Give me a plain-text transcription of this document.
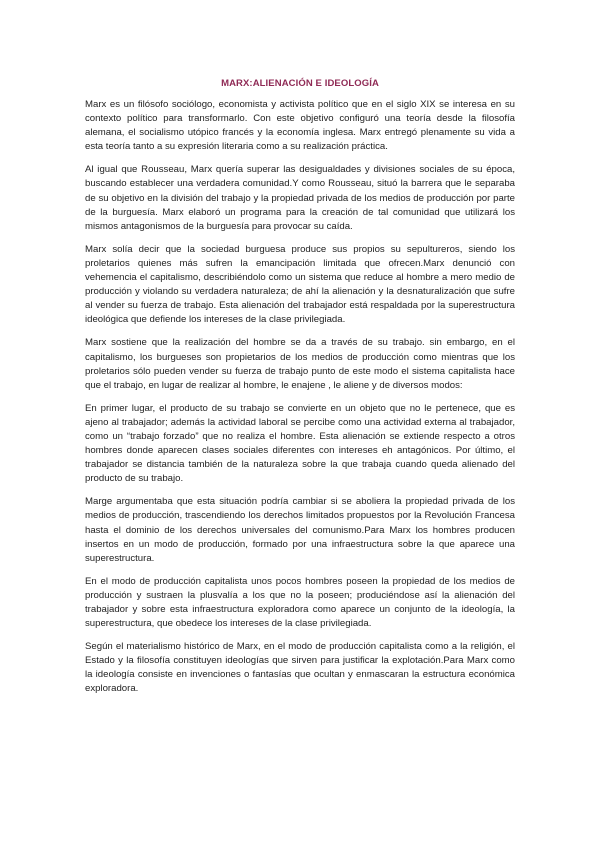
MARX:ALIENACIÓN E IDEOLOGÍA

Marx es un filósofo sociólogo, economista y activista político que en el siglo XIX se interesa en su contexto político para transformarlo. Con este objetivo configuró una teoría desde la filosofía alemana, el socialismo utópico francés y la economía inglesa. Marx entregó plenamente su vida a esta teoría tanto a su expresión literaria como a su realización práctica.

Al igual que Rousseau, Marx quería superar las desigualdades y divisiones sociales de su época, buscando establecer una verdadera comunidad.Y como Rousseau, situó la barrera que le separaba de su objetivo en la división del trabajo y la propiedad privada de los medios de producción por parte de la burguesía. Marx elaboró un programa para la creación de tal comunidad que utilizará los mismos antagonismos de la burguesía para provocar su caída.

Marx solía decir que la sociedad burguesa produce sus propios su sepultureros, siendo los proletarios quienes más sufren la emancipación limitada que ofrecen.Marx denunció con vehemencia el capitalismo, describiéndolo como un sistema que reduce al hombre a mero medio de producción y violando su verdadera naturaleza; de ahí la alienación y la desnaturalización que sufre al vender su fuerza de trabajo. Esta alienación del trabajador está respaldada por la superestructura ideológica que defiende los intereses de la clase privilegiada.

Marx sostiene que la realización del hombre se da a través de su trabajo. sin embargo, en el capitalismo, los burgueses son propietarios de los medios de producción como mientras que los proletarios sólo pueden vender su fuerza de trabajo punto de este modo el sistema capitalista hace que el trabajo, en lugar de realizar al hombre, le enajene , le aliene y de diversos modos:

En primer lugar, el producto de su trabajo se convierte en un objeto que no le pertenece, que es ajeno al trabajador; además la actividad laboral se percibe como una actividad externa al trabajador, como un “trabajo forzado” que no realiza el hombre. Esta alienación se extiende respecto a otros hombres donde aparecen clases sociales diferentes con intereses eh antagónicos. Por último, el trabajador se distancia también de la naturaleza sobre la que trabaja cuando queda alienado del producto de su trabajo.

Marge argumentaba que esta situación podría cambiar si se aboliera la propiedad privada de los medios de producción, trascendiendo los derechos limitados propuestos por la Revolución Francesa hasta el dominio de los derechos universales del comunismo.Para Marx los hombres producen insertos en un modo de producción, formado por una infraestructura sobre la que aparece una superestructura.

En el modo de producción capitalista unos pocos hombres poseen la propiedad de los medios de producción y sustraen la plusvalía a los que no la poseen; produciéndose así la alienación del trabajador y sobre esta infraestructura exploradora como aparece un conjunto de la ideología, la superestructura, que obedece los intereses de la clase privilegiada.

Según el materialismo histórico de Marx, en el modo de producción capitalista como a la religión, el Estado y la filosofía constituyen ideologías que sirven para justificar la explotación.Para Marx como la ideología consiste en invenciones o fantasías que ocultan y enmascaran la estructura económica exploradora.
